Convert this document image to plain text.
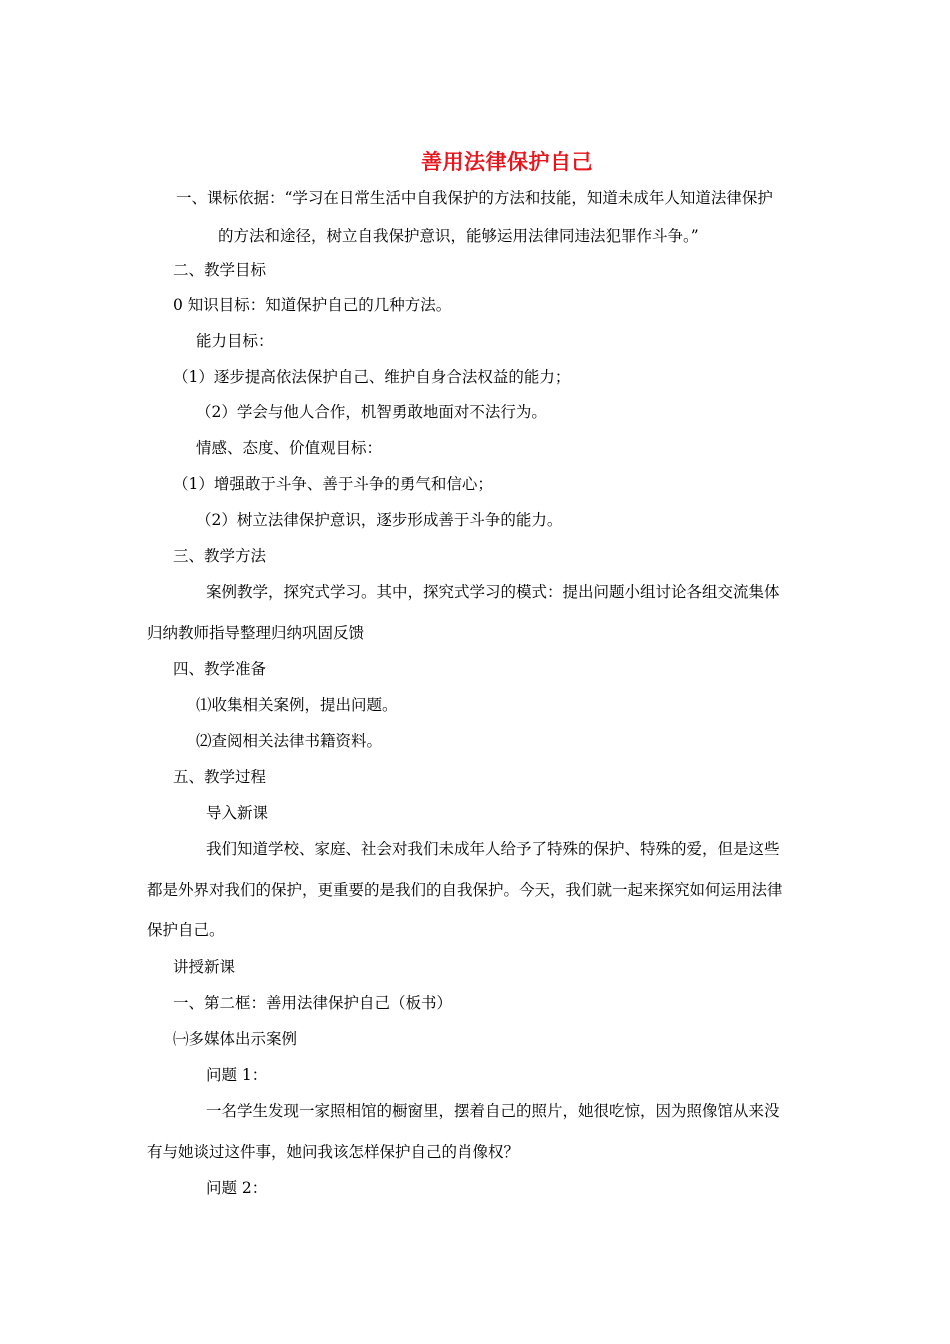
善用法律保护自己
一、课标依据：“学习在日常生活中自我保护的方法和技能，知道未成年人知道法律保护
的方法和途径，树立自我保护意识，能够运用法律同违法犯罪作斗争。”
二、教学目标
0 知识目标：知道保护自己的几种方法。
能力目标：
（1）逐步提高依法保护自己、维护自身合法权益的能力；
（2）学会与他人合作，机智勇敢地面对不法行为。
情感、态度、价值观目标：
（1）增强敢于斗争、善于斗争的勇气和信心；
（2）树立法律保护意识，逐步形成善于斗争的能力。
三、教学方法
案例教学，探究式学习。其中，探究式学习的模式：提出问题小组讨论各组交流集体
归纳教师指导整理归纳巩固反馈
四、教学准备
⑴收集相关案例，提出问题。
⑵查阅相关法律书籍资料。
五、教学过程
导入新课
我们知道学校、家庭、社会对我们未成年人给予了特殊的保护、特殊的爱，但是这些
都是外界对我们的保护，更重要的是我们的自我保护。今天，我们就一起来探究如何运用法律
保护自己。
讲授新课
一、第二框：善用法律保护自己（板书）
㈠多媒体出示案例
问题 1：
一名学生发现一家照相馆的橱窗里，摆着自己的照片，她很吃惊，因为照像馆从来没
有与她谈过这件事，她问我该怎样保护自己的肖像权？
问题 2：
